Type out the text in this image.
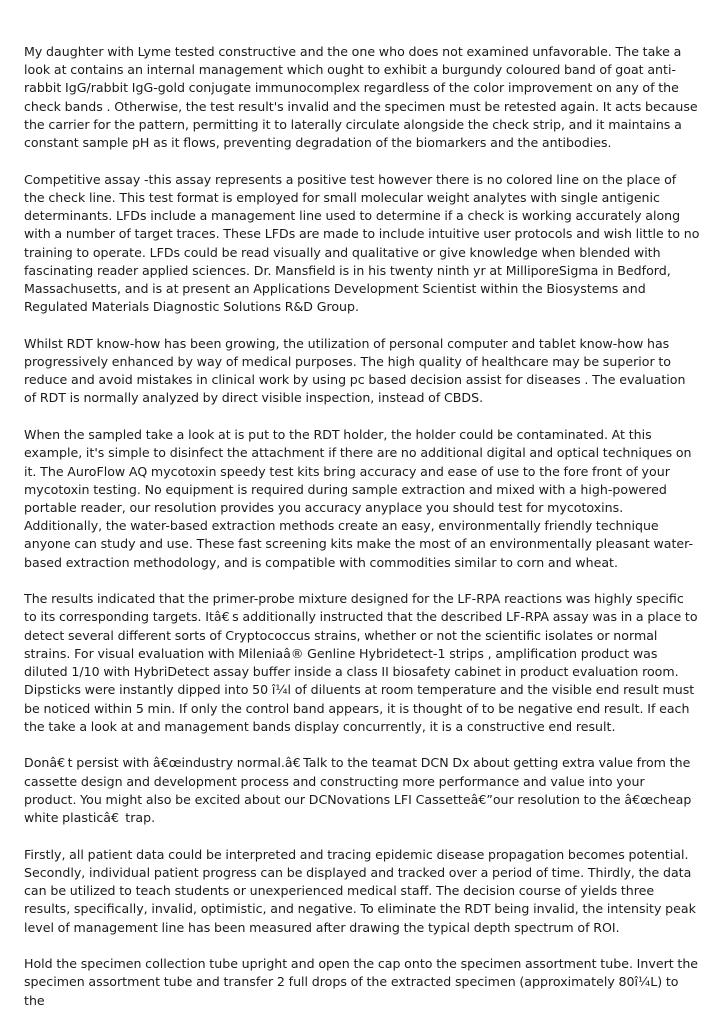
My daughter with Lyme tested constructive and the one who does not examined unfavorable. The take a look at contains an internal management which ought to exhibit a burgundy coloured band of goat anti-rabbit IgG/rabbit IgG-gold conjugate immunocomplex regardless of the color improvement on any of the check bands . Otherwise, the test result's invalid and the specimen must be retested again. It acts because the carrier for the pattern, permitting it to laterally circulate alongside the check strip, and it maintains a constant sample pH as it flows, preventing degradation of the biomarkers and the antibodies.

Competitive assay -this assay represents a positive test however there is no colored line on the place of the check line. This test format is employed for small molecular weight analytes with single antigenic determinants. LFDs include a management line used to determine if a check is working accurately along with a number of target traces. These LFDs are made to include intuitive user protocols and wish little to no training to operate. LFDs could be read visually and qualitative or give knowledge when blended with fascinating reader applied sciences. Dr. Mansfield is in his twenty ninth yr at MilliporeSigma in Bedford, Massachusetts, and is at present an Applications Development Scientist within the Biosystems and Regulated Materials Diagnostic Solutions R&D Group.

Whilst RDT know-how has been growing, the utilization of personal computer and tablet know-how has progressively enhanced by way of medical purposes. The high quality of healthcare may be superior to reduce and avoid mistakes in clinical work by using pc based decision assist for diseases . The evaluation of RDT is normally analyzed by direct visible inspection, instead of CBDS.

When the sampled take a look at is put to the RDT holder, the holder could be contaminated. At this example, it's simple to disinfect the attachment if there are no additional digital and optical techniques on it. The AuroFlow AQ mycotoxin speedy test kits bring accuracy and ease of use to the fore front of your mycotoxin testing. No equipment is required during sample extraction and mixed with a high-powered portable reader, our resolution provides you accuracy anyplace you should test for mycotoxins. Additionally, the water-based extraction methods create an easy, environmentally friendly technique anyone can study and use. These fast screening kits make the most of an environmentally pleasant water-based extraction methodology, and is compatible with commodities similar to corn and wheat.

The results indicated that the primer-probe mixture designed for the LF-RPA reactions was highly specific to its corresponding targets. Itâ€ s additionally instructed that the described LF-RPA assay was in a place to detect several different sorts of Cryptococcus strains, whether or not the scientific isolates or normal strains. For visual evaluation with Mileniaâ® Genline Hybridetect-1 strips , amplification product was diluted 1/10 with HybriDetect assay buffer inside a class II biosafety cabinet in product evaluation room. Dipsticks were instantly dipped into 50 î¼l of diluents at room temperature and the visible end result must be noticed within 5 min. If only the control band appears, it is thought of to be negative end result. If each the take a look at and management bands display concurrently, it is a constructive end result.

Donâ€ t persist with â€œindustry normal.â€ Talk to the teamat DCN Dx about getting extra value from the cassette design and development process and constructing more performance and value into your product. You might also be excited about our DCNovations LFI Cassetteâ€”our resolution to the â€œcheap white plasticâ€  trap.

Firstly, all patient data could be interpreted and tracing epidemic disease propagation becomes potential. Secondly, individual patient progress can be displayed and tracked over a period of time. Thirdly, the data can be utilized to teach students or unexperienced medical staff. The decision course of yields three results, specifically, invalid, optimistic, and negative. To eliminate the RDT being invalid, the intensity peak level of management line has been measured after drawing the typical depth spectrum of ROI.

Hold the specimen collection tube upright and open the cap onto the specimen assortment tube. Invert the specimen assortment tube and transfer 2 full drops of the extracted specimen (approximately 80î¼L) to the
